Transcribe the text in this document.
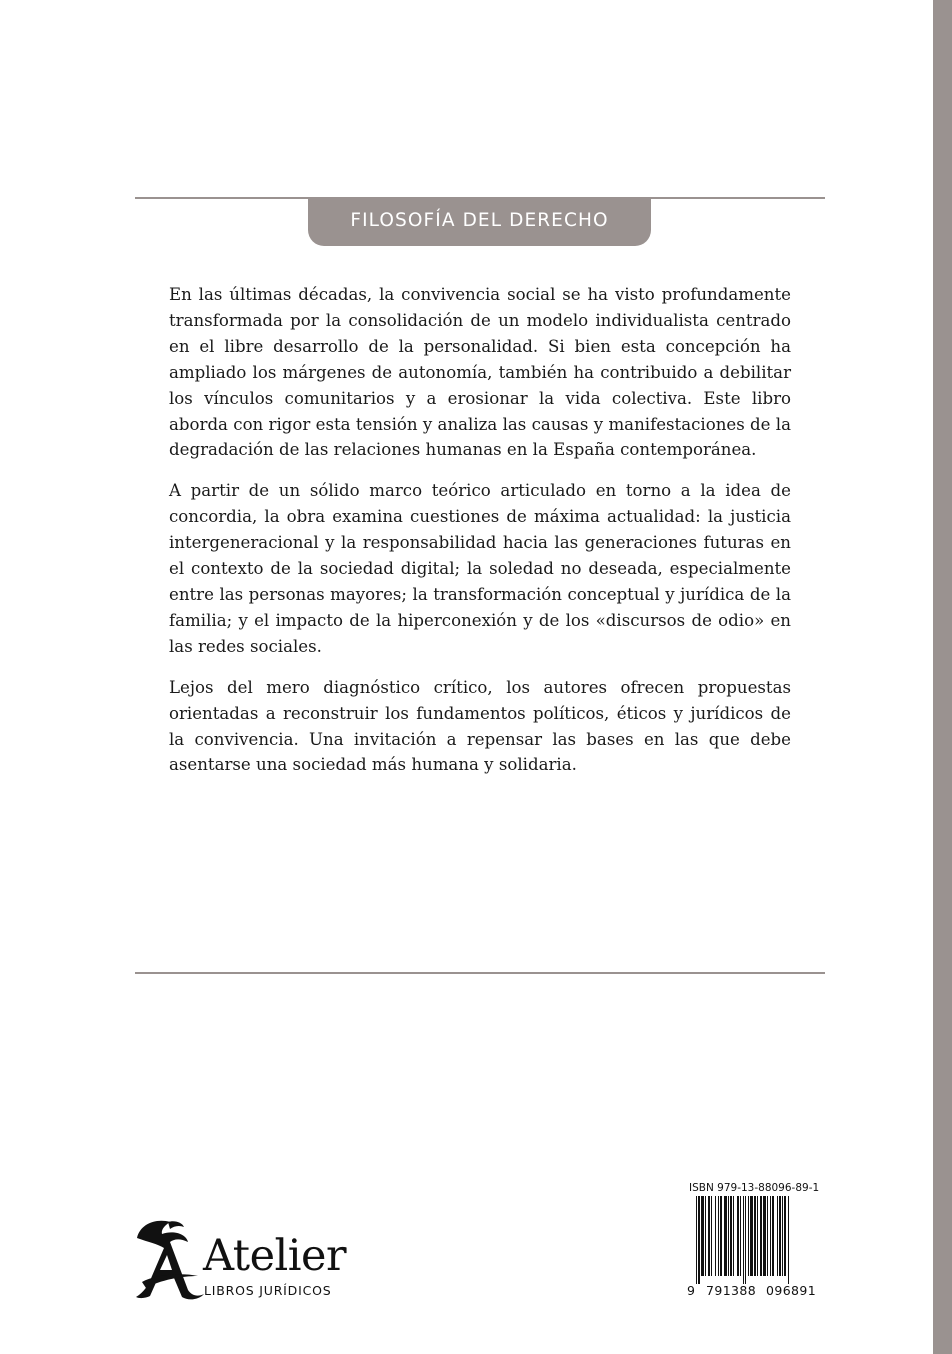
FILOSOFÍA DEL DERECHO

En las últimas décadas, la convivencia social se ha visto profundamente transformada por la consolidación de un modelo individualista centrado en el libre desarrollo de la personalidad. Si bien esta concepción ha ampliado los márgenes de autonomía, también ha contribuido a debilitar los vínculos comunitarios y a erosionar la vida colectiva. Este libro aborda con rigor esta tensión y analiza las causas y manifestaciones de la degradación de las relaciones humanas en la España contemporánea.

A partir de un sólido marco teórico articulado en torno a la idea de concordia, la obra examina cuestiones de máxima actualidad: la justicia intergeneracional y la responsabilidad hacia las generaciones futuras en el contexto de la sociedad digital; la soledad no deseada, especialmente entre las personas mayores; la transformación conceptual y jurídica de la familia; y el impacto de la hiperconexión y de los «discursos de odio» en las redes sociales.

Lejos del mero diagnóstico crítico, los autores ofrecen propuestas orientadas a reconstruir los fundamentos políticos, éticos y jurídicos de la convivencia. Una invitación a repensar las bases en las que debe asentarse una sociedad más humana y solidaria.

Atelier
LIBROS JURÍDICOS
ISBN 979-13-88096-89-1
9 791388 096891
